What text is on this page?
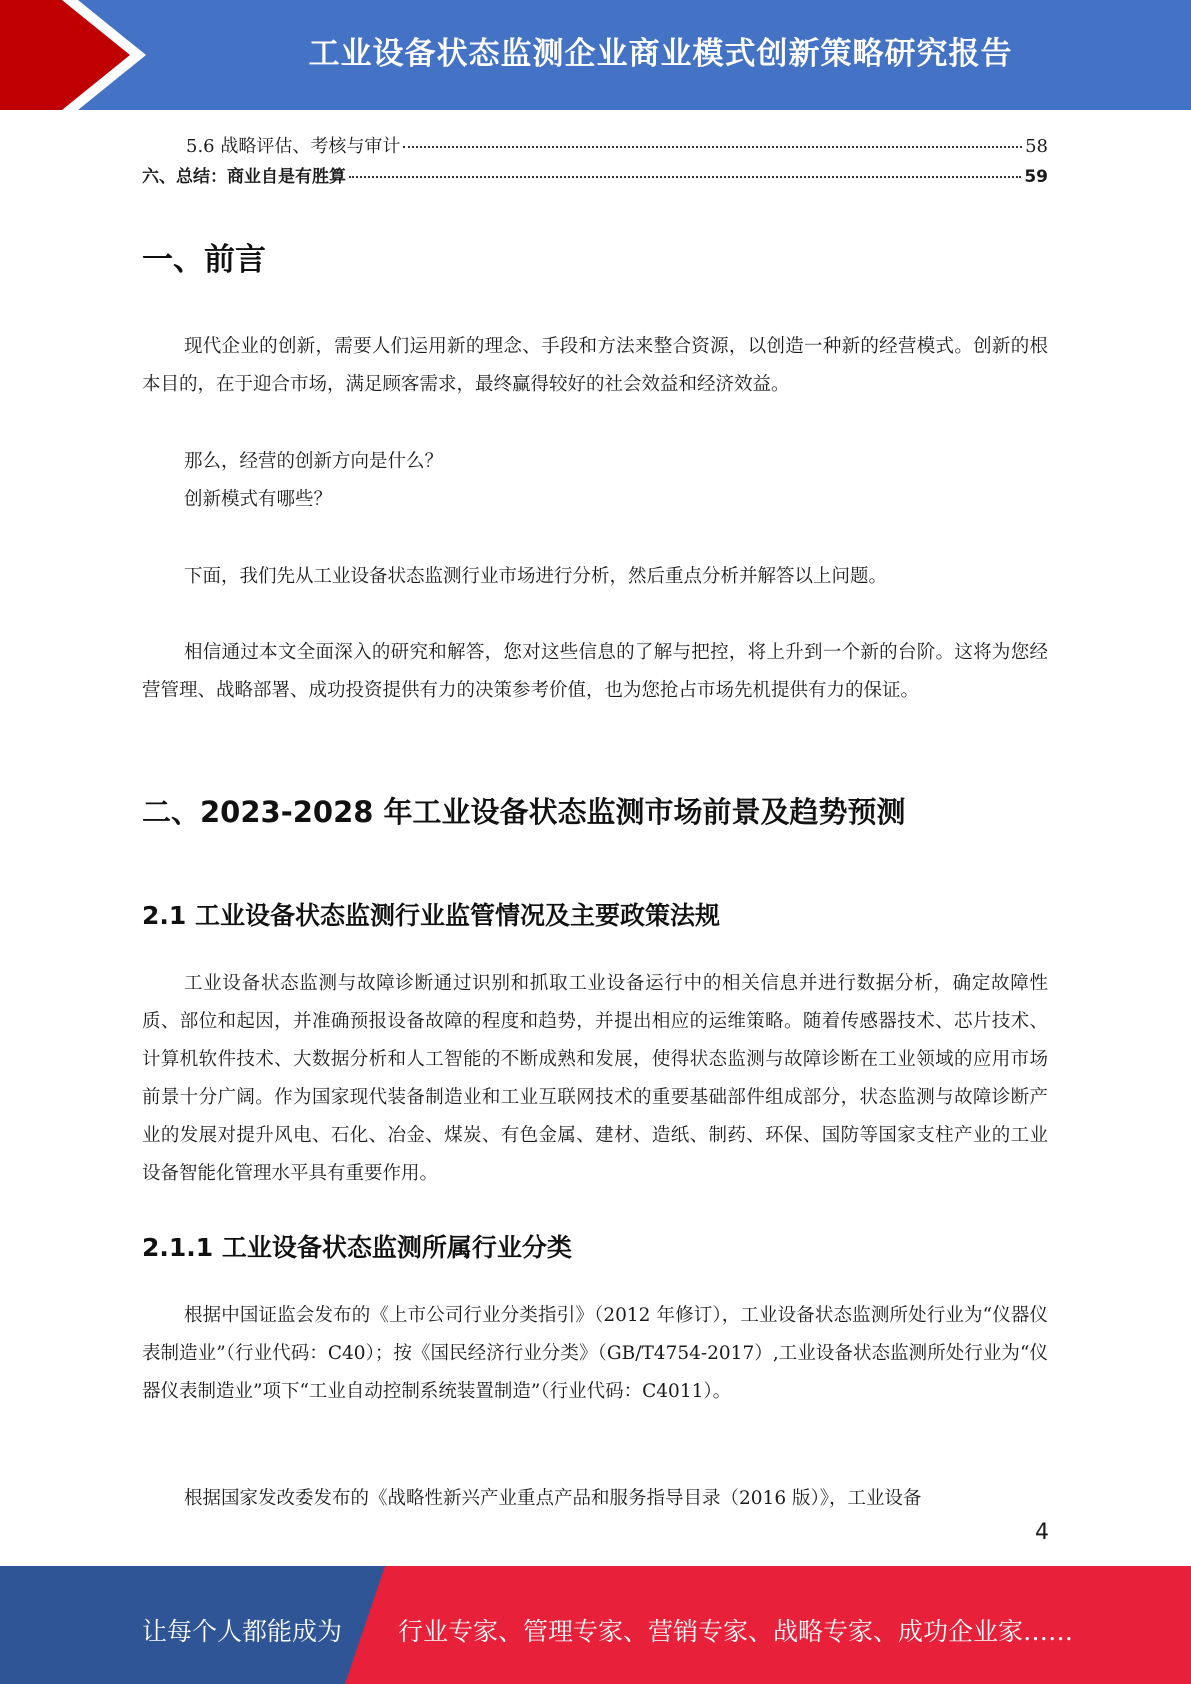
工业设备状态监测企业商业模式创新策略研究报告
5.6 战略评估、考核与审计	58
六、总结：商业自是有胜算	59
一、前言
现代企业的创新，需要人们运用新的理念、手段和方法来整合资源，以创造一种新的经营模式。创新的根本目的，在于迎合市场，满足顾客需求，最终赢得较好的社会效益和经济效益。
那么，经营的创新方向是什么？
创新模式有哪些？
下面，我们先从工业设备状态监测行业市场进行分析，然后重点分析并解答以上问题。
相信通过本文全面深入的研究和解答，您对这些信息的了解与把控，将上升到一个新的台阶。这将为您经营管理、战略部署、成功投资提供有力的决策参考价值，也为您抢占市场先机提供有力的保证。
二、2023-2028 年工业设备状态监测市场前景及趋势预测
2.1 工业设备状态监测行业监管情况及主要政策法规
工业设备状态监测与故障诊断通过识别和抓取工业设备运行中的相关信息并进行数据分析，确定故障性质、部位和起因，并准确预报设备故障的程度和趋势，并提出相应的运维策略。随着传感器技术、芯片技术、计算机软件技术、大数据分析和人工智能的不断成熟和发展，使得状态监测与故障诊断在工业领域的应用市场前景十分广阔。作为国家现代装备制造业和工业互联网技术的重要基础部件组成部分，状态监测与故障诊断产业的发展对提升风电、石化、冶金、煤炭、有色金属、建材、造纸、制药、环保、国防等国家支柱产业的工业设备智能化管理水平具有重要作用。
2.1.1 工业设备状态监测所属行业分类
根据中国证监会发布的《上市公司行业分类指引》（2012 年修订），工业设备状态监测所处行业为“仪器仪表制造业”（行业代码：C40）；按《国民经济行业分类》（GB/T4754-2017）,工业设备状态监测所处行业为“仪器仪表制造业”项下“工业自动控制系统装置制造”（行业代码：C4011）。
根据国家发改委发布的《战略性新兴产业重点产品和服务指导目录（2016 版）》，工业设备
4
让每个人都能成为 行业专家、管理专家、营销专家、战略专家、成功企业家……
